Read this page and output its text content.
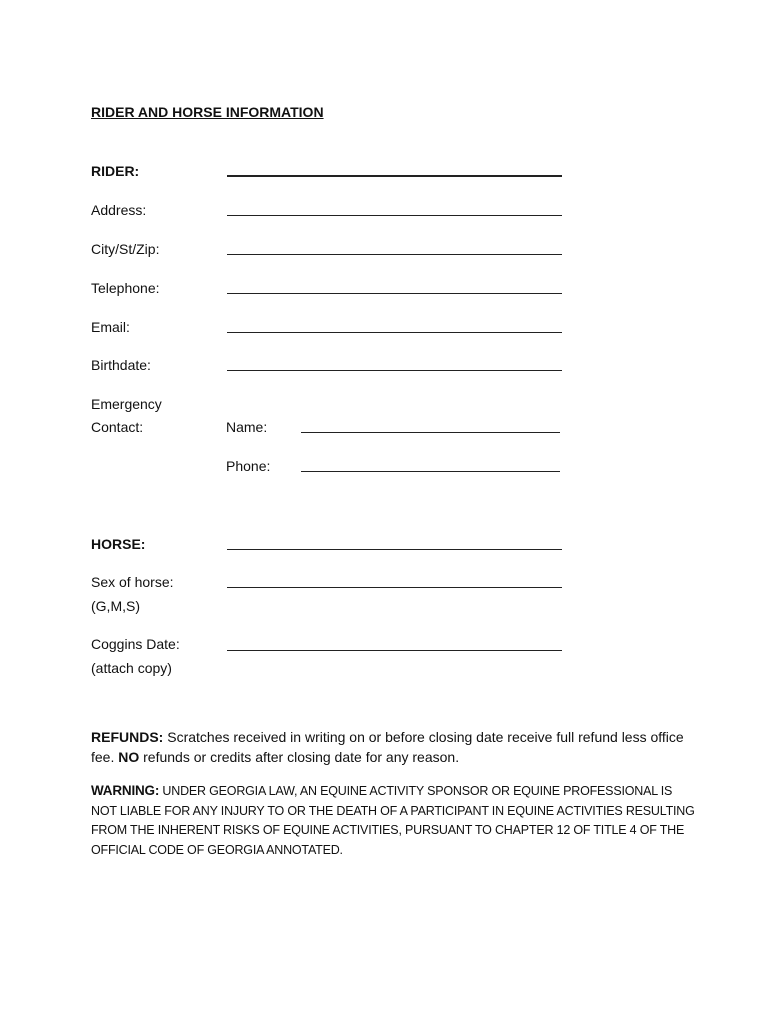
RIDER AND HORSE INFORMATION
RIDER:
Address:
City/St/Zip:
Telephone:
Email:
Birthdate:
Emergency
Contact:	Name:
Phone:
HORSE:
Sex of horse:
(G,M,S)
Coggins Date:
(attach copy)
REFUNDS: Scratches received in writing on or before closing date receive full refund less office fee. NO refunds or credits after closing date for any reason.
WARNING: UNDER GEORGIA LAW, AN EQUINE ACTIVITY SPONSOR OR EQUINE PROFESSIONAL IS NOT LIABLE FOR ANY INJURY TO OR THE DEATH OF A PARTICIPANT IN EQUINE ACTIVITIES RESULTING FROM THE INHERENT RISKS OF EQUINE ACTIVITIES, PURSUANT TO CHAPTER 12 OF TITLE 4 OF THE OFFICIAL CODE OF GEORGIA ANNOTATED.
